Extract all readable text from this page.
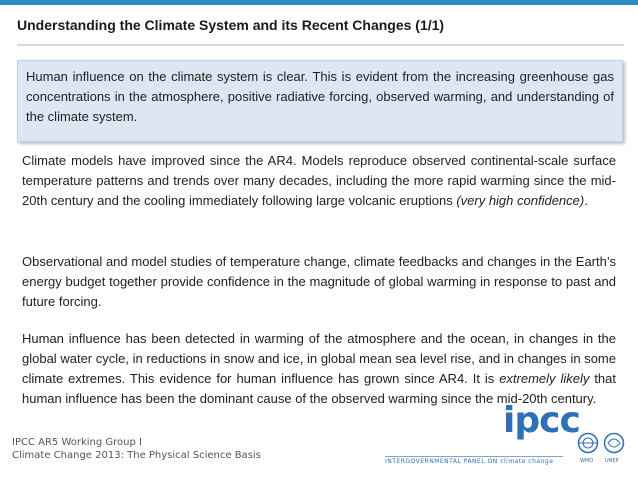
Understanding the Climate System and its Recent Changes (1/1)

Human influence on the climate system is clear. This is evident from the increasing greenhouse gas concentrations in the atmosphere, positive radiative forcing, observed warming, and understanding of the climate system.

Climate models have improved since the AR4. Models reproduce observed continental-scale surface temperature patterns and trends over many decades, including the more rapid warming since the mid-20th century and the cooling immediately following large volcanic eruptions (very high confidence).

Observational and model studies of temperature change, climate feedbacks and changes in the Earth’s energy budget together provide confidence in the magnitude of global warming in response to past and future forcing.

Human influence has been detected in warming of the atmosphere and the ocean, in changes in the global water cycle, in reductions in snow and ice, in global mean sea level rise, and in changes in some climate extremes. This evidence for human influence has grown since AR4. It is extremely likely that human influence has been the dominant cause of the observed warming since the mid-20th century.

IPCC AR5 Working Group I
Climate Change 2013: The Physical Science Basis
ipcc
INTERGOVERNMENTAL PANEL ON climate change	WMO UNEP
